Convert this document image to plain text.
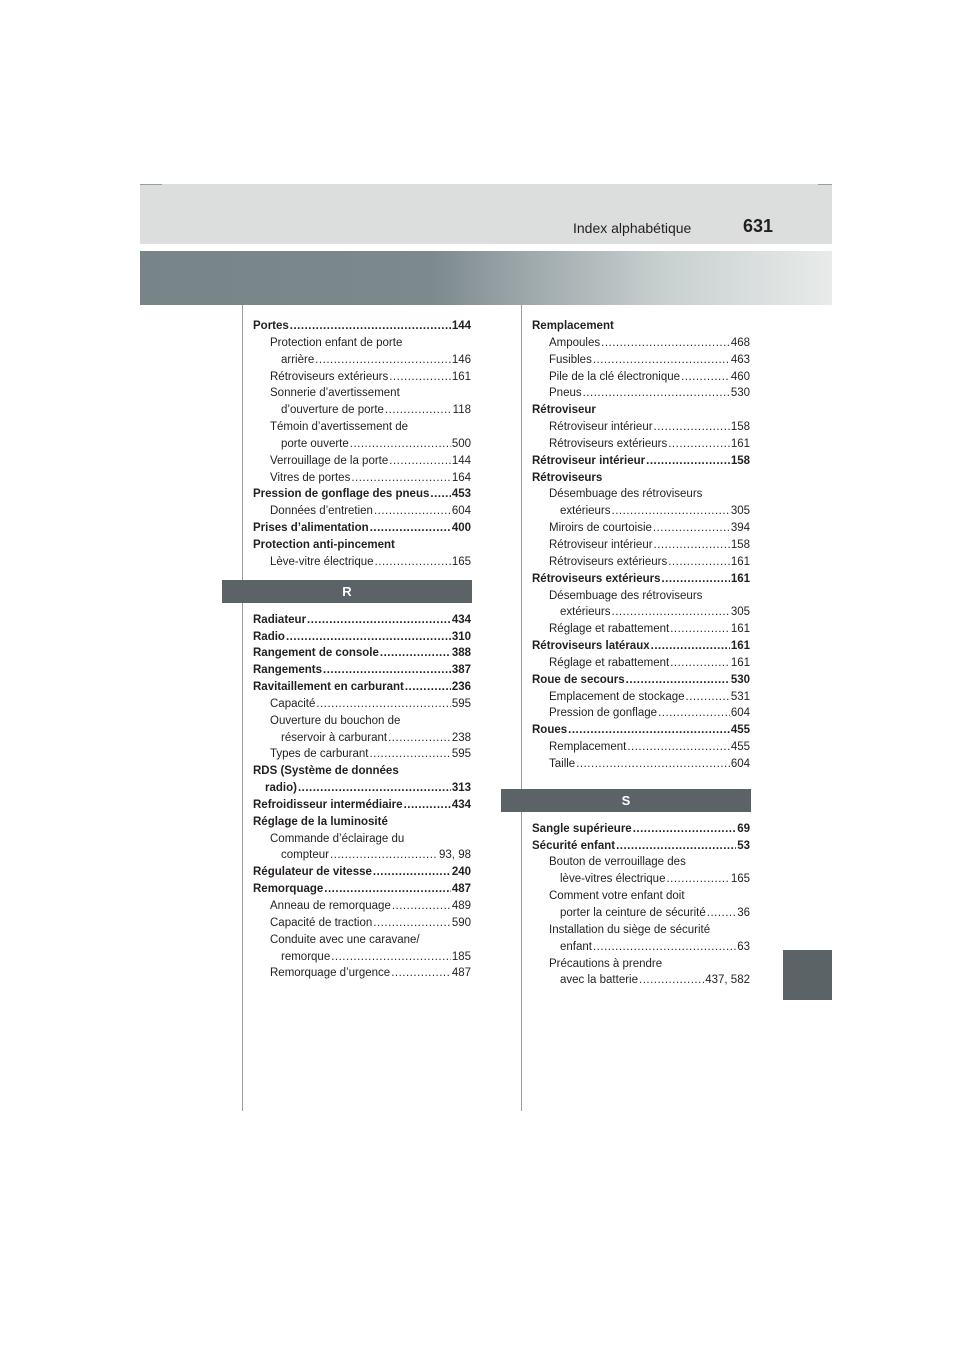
Index alphabétique	631
Portes .....	144
Protection enfant de porte
arrière .....	146
Rétroviseurs extérieurs .....	161
Sonnerie d’avertissement
d’ouverture de porte .....	118
Témoin d’avertissement de
porte ouverte .....	500
Verrouillage de la porte .....	144
Vitres de portes .....	164
Pression de gonflage des pneus ..... 453
Données d’entretien .....	604
Prises d’alimentation .....	400
Protection anti-pincement
Lève-vitre électrique .....	165
R
Radiateur .....	434
Radio .....	310
Rangement de console .....	388
Rangements .....	387
Ravitaillement en carburant .....	236
Capacité .....	595
Ouverture du bouchon de
réservoir à carburant .....	238
Types de carburant .....	595
RDS (Système de données
radio) .....	313
Refroidisseur intermédiaire .....	434
Réglage de la luminosité
Commande d’éclairage du
compteur .....	93, 98
Régulateur de vitesse .....	240
Remorquage .....	487
Anneau de remorquage .....	489
Capacité de traction .....	590
Conduite avec une caravane/
remorque .....	185
Remorquage d’urgence .....	487
Remplacement
Ampoules .....	468
Fusibles .....	463
Pile de la clé électronique .....	460
Pneus .....	530
Rétroviseur
Rétroviseur intérieur .....	158
Rétroviseurs extérieurs .....	161
Rétroviseur intérieur .....	158
Rétroviseurs
Désembuage des rétroviseurs
extérieurs .....	305
Miroirs de courtoisie .....	394
Rétroviseur intérieur .....	158
Rétroviseurs extérieurs .....	161
Rétroviseurs extérieurs .....	161
Désembuage des rétroviseurs
extérieurs .....	305
Réglage et rabattement .....	161
Rétroviseurs latéraux .....	161
Réglage et rabattement .....	161
Roue de secours .....	530
Emplacement de stockage .....	531
Pression de gonflage .....	604
Roues .....	455
Remplacement .....	455
Taille .....	604
S
Sangle supérieure .....	69
Sécurité enfant .....	53
Bouton de verrouillage des
lève-vitres électrique .....	165
Comment votre enfant doit
porter la ceinture de sécurité .....	36
Installation du siège de sécurité
enfant .....	63
Précautions à prendre
avec la batterie .....	437, 582
